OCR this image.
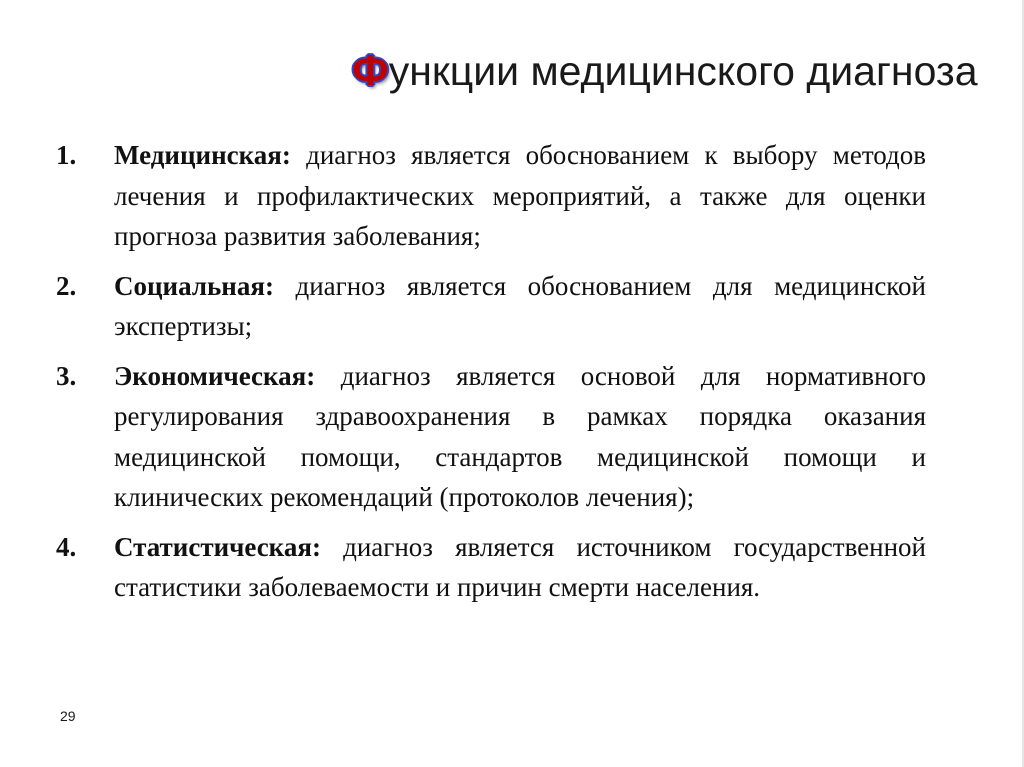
Функции медицинского диагноза
1.	Медицинская: диагноз является обоснованием к выбору методов лечения и профилактических мероприятий, а также для оценки прогноза развития заболевания;
2.	Социальная: диагноз является обоснованием для медицинской экспертизы;
3.	Экономическая: диагноз является основой для нормативного регулирования здравоохранения в рамках порядка оказания медицинской помощи, стандартов медицинской помощи и клинических рекомендаций (протоколов лечения);
4.	Статистическая: диагноз является источником государственной статистики заболеваемости и причин смерти населения.
29
